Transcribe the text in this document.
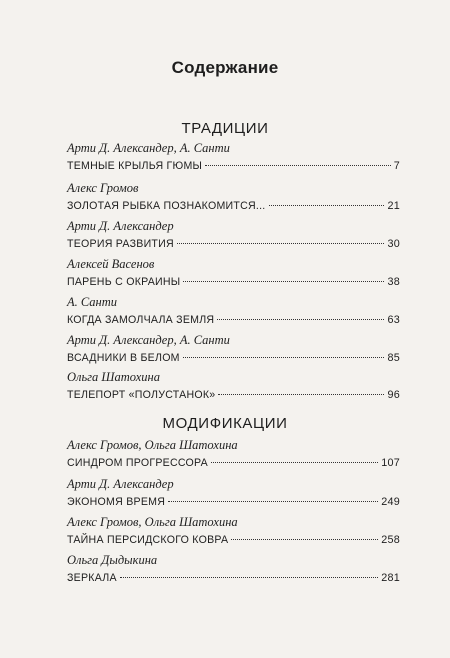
Содержание
ТРАДИЦИИ
Арти Д. Александер, А. Санти
ТЕМНЫЕ КРЫЛЬЯ ГЮМЫ	7
Алекс Громов
ЗОЛОТАЯ РЫБКА ПОЗНАКОМИТСЯ...	21
Арти Д. Александер
ТЕОРИЯ РАЗВИТИЯ	30
Алексей Васенов
ПАРЕНЬ С ОКРАИНЫ	38
А. Санти
КОГДА ЗАМОЛЧАЛА ЗЕМЛЯ	63
Арти Д. Александер, А. Санти
ВСАДНИКИ В БЕЛОМ	85
Ольга Шатохина
ТЕЛЕПОРТ «ПОЛУСТАНОК»	96
МОДИФИКАЦИИ
Алекс Громов, Ольга Шатохина
СИНДРОМ ПРОГРЕССОРА	107
Арти Д. Александер
ЭКОНОМЯ ВРЕМЯ	249
Алекс Громов, Ольга Шатохина
ТАЙНА ПЕРСИДСКОГО КОВРА	258
Ольга Дыдыкина
ЗЕРКАЛА	281
